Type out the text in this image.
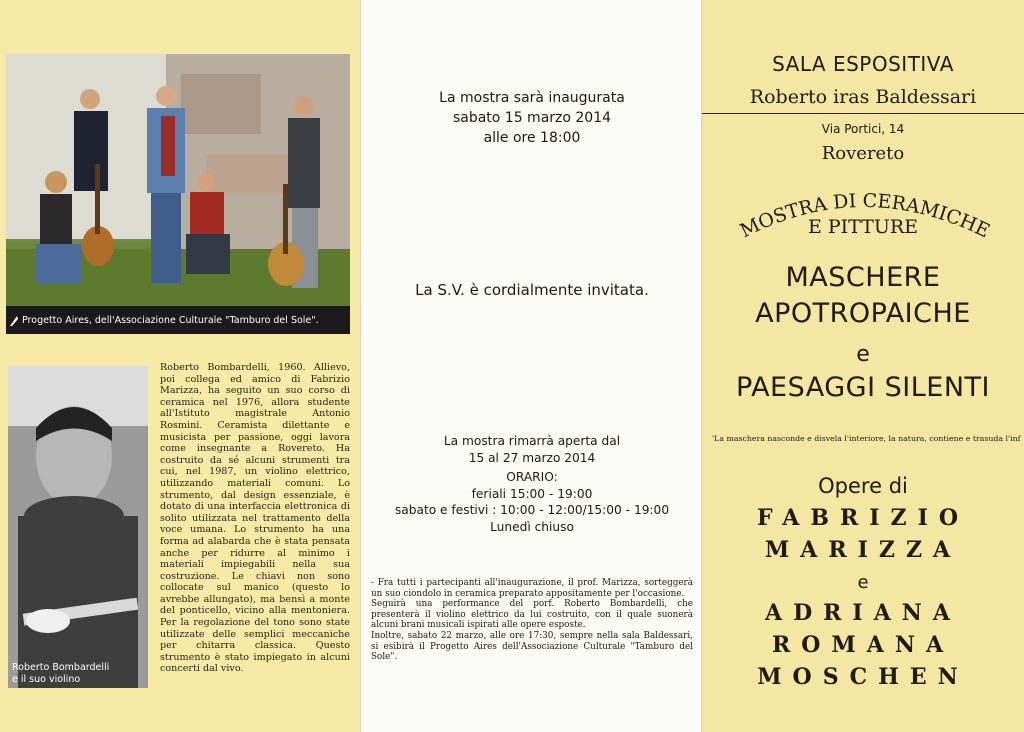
Progetto Aires, dell'Associazione Culturale "Tamburo del Sole".
Roberto Bombardelli
e il suo violino
Roberto Bombardelli, 1960. Allievo, poi collega ed amico di Fabrizio Marizza, ha seguito un suo corso di ceramica nel 1976, allora studente all'Istituto magistrale Antonio Rosmini. Ceramista dilettante e musicista per passione, oggi lavora come insegnante a Rovereto. Ha costruito da sé alcuni strumenti tra cui, nel 1987, un violino elettrico, utilizzando materiali comuni. Lo strumento, dal design essenziale, è dotato di una interfaccia elettronica di solito utilizzata nel trattamento della voce umana. Lo strumento ha una forma ad alabarda che è stata pensata anche per ridurre al minimo i materiali impiegabili nella sua costruzione. Le chiavi non sono collocate sul manico (questo lo avrebbe allungato), ma bensì a monte del ponticello, vicino alla mentoniera. Per la regolazione del tono sono state utilizzate delle semplici meccaniche per chitarra classica. Questo strumento è stato impiegato in alcuni concerti dal vivo.
La mostra sarà inaugurata
sabato 15 marzo 2014
alle ore 18:00
La S.V. è cordialmente invitata.
La mostra rimarrà aperta dal
15 al 27 marzo 2014
ORARIO:
feriali 15:00 - 19:00
sabato e festivi : 10:00 - 12:00/15:00 - 19:00
Lunedì chiuso

- Fra tutti i partecipanti all'inaugurazione, il prof. Marizza, sorteggerà un suo ciondolo in ceramica preparato appositamente per l'occasione.

Seguirà una performance del porf. Roberto Bombardelli, che presenterà il violino elettrico da lui costruito, con il quale suonerà alcuni brani musicali ispirati alle opere esposte.

Inoltre, sabato 22 marzo, alle ore 17:30, sempre nella sala Baldessari, si esibirà il Progetto Aires dell'Associazione Culturale "Tamburo del Sole".

SALA ESPOSITIVA
Roberto iras Baldessari
Via Portici, 14
Rovereto
MOSTRA DI CERAMICHE
E PITTURE
MASCHERE
APOTROPAICHE
e
PAESAGGI SILENTI
'La maschera nasconde e disvela l'interiore, la natura, contiene e trasuda l'inf
Opere di
FABRIZIO
MARIZZA
e
ADRIANA
ROMANA
MOSCHEN
